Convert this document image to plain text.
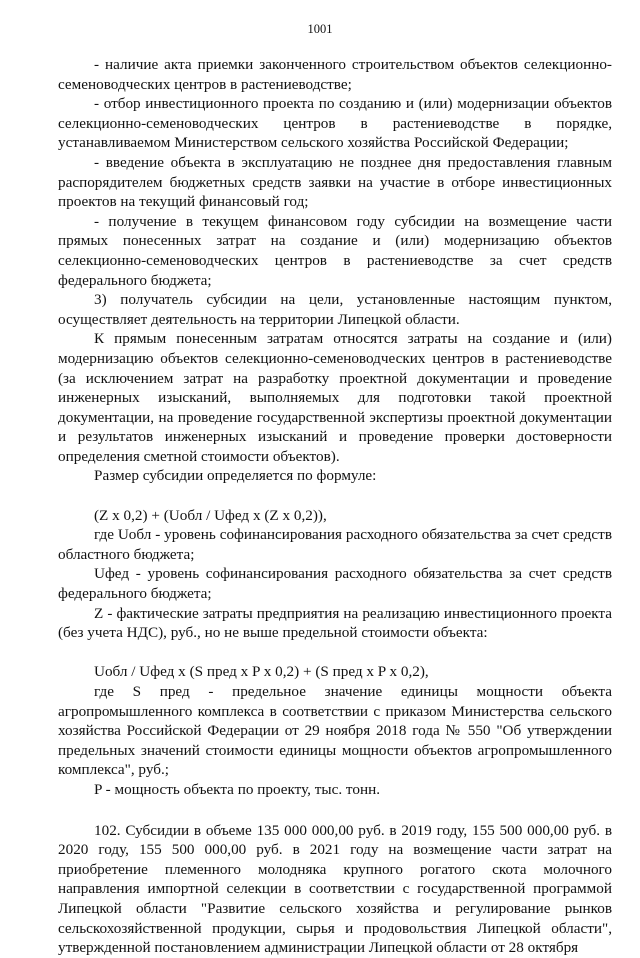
1001

- наличие акта приемки законченного строительством объектов селекционно-семеноводческих центров в растениеводстве;

- отбор инвестиционного проекта по созданию и (или) модернизации объектов селекционно-семеноводческих центров в растениеводстве в порядке, устанавливаемом Министерством сельского хозяйства Российской Федерации;

- введение объекта в эксплуатацию не позднее дня предоставления главным распорядителем бюджетных средств заявки на участие в отборе инвестиционных проектов на текущий финансовый год;

- получение в текущем финансовом году субсидии на возмещение части прямых понесенных затрат на создание и (или) модернизацию объектов селекционно-семеноводческих центров в растениеводстве за счет средств федерального бюджета;

3) получатель субсидии на цели, установленные настоящим пунктом, осуществляет деятельность на территории Липецкой области.

К прямым понесенным затратам относятся затраты на создание и (или) модернизацию объектов селекционно-семеноводческих центров в растениеводстве (за исключением затрат на разработку проектной документации и проведение инженерных изысканий, выполняемых для подготовки такой проектной документации, на проведение государственной экспертизы проектной документации и результатов инженерных изысканий и проведение проверки достоверности определения сметной стоимости объектов).

Размер субсидии определяется по формуле:

(Z x 0,2) + (Uобл / Uфед x (Z x 0,2)),

где Uобл - уровень софинансирования расходного обязательства за счет средств областного бюджета;

Uфед - уровень софинансирования расходного обязательства за счет средств федерального бюджета;

Z - фактические затраты предприятия на реализацию инвестиционного проекта (без учета НДС), руб., но не выше предельной стоимости объекта:

Uобл / Uфед x (S пред x P x 0,2) + (S пред x P x 0,2),

где S пред - предельное значение единицы мощности объекта агропромышленного комплекса в соответствии с приказом Министерства сельского хозяйства Российской Федерации от 29 ноября 2018 года № 550 "Об утверждении предельных значений стоимости единицы мощности объектов агропромышленного комплекса", руб.;

P - мощность объекта по проекту, тыс. тонн.

102. Субсидии в объеме 135 000 000,00 руб. в 2019 году, 155 500 000,00 руб. в 2020 году, 155 500 000,00 руб. в 2021 году на возмещение части затрат на приобретение племенного молодняка крупного рогатого скота молочного направления импортной селекции в соответствии с государственной программой Липецкой области "Развитие сельского хозяйства и регулирование рынков сельскохозяйственной продукции, сырья и продовольствия Липецкой области", утвержденной постановлением администрации Липецкой области от 28 октября
